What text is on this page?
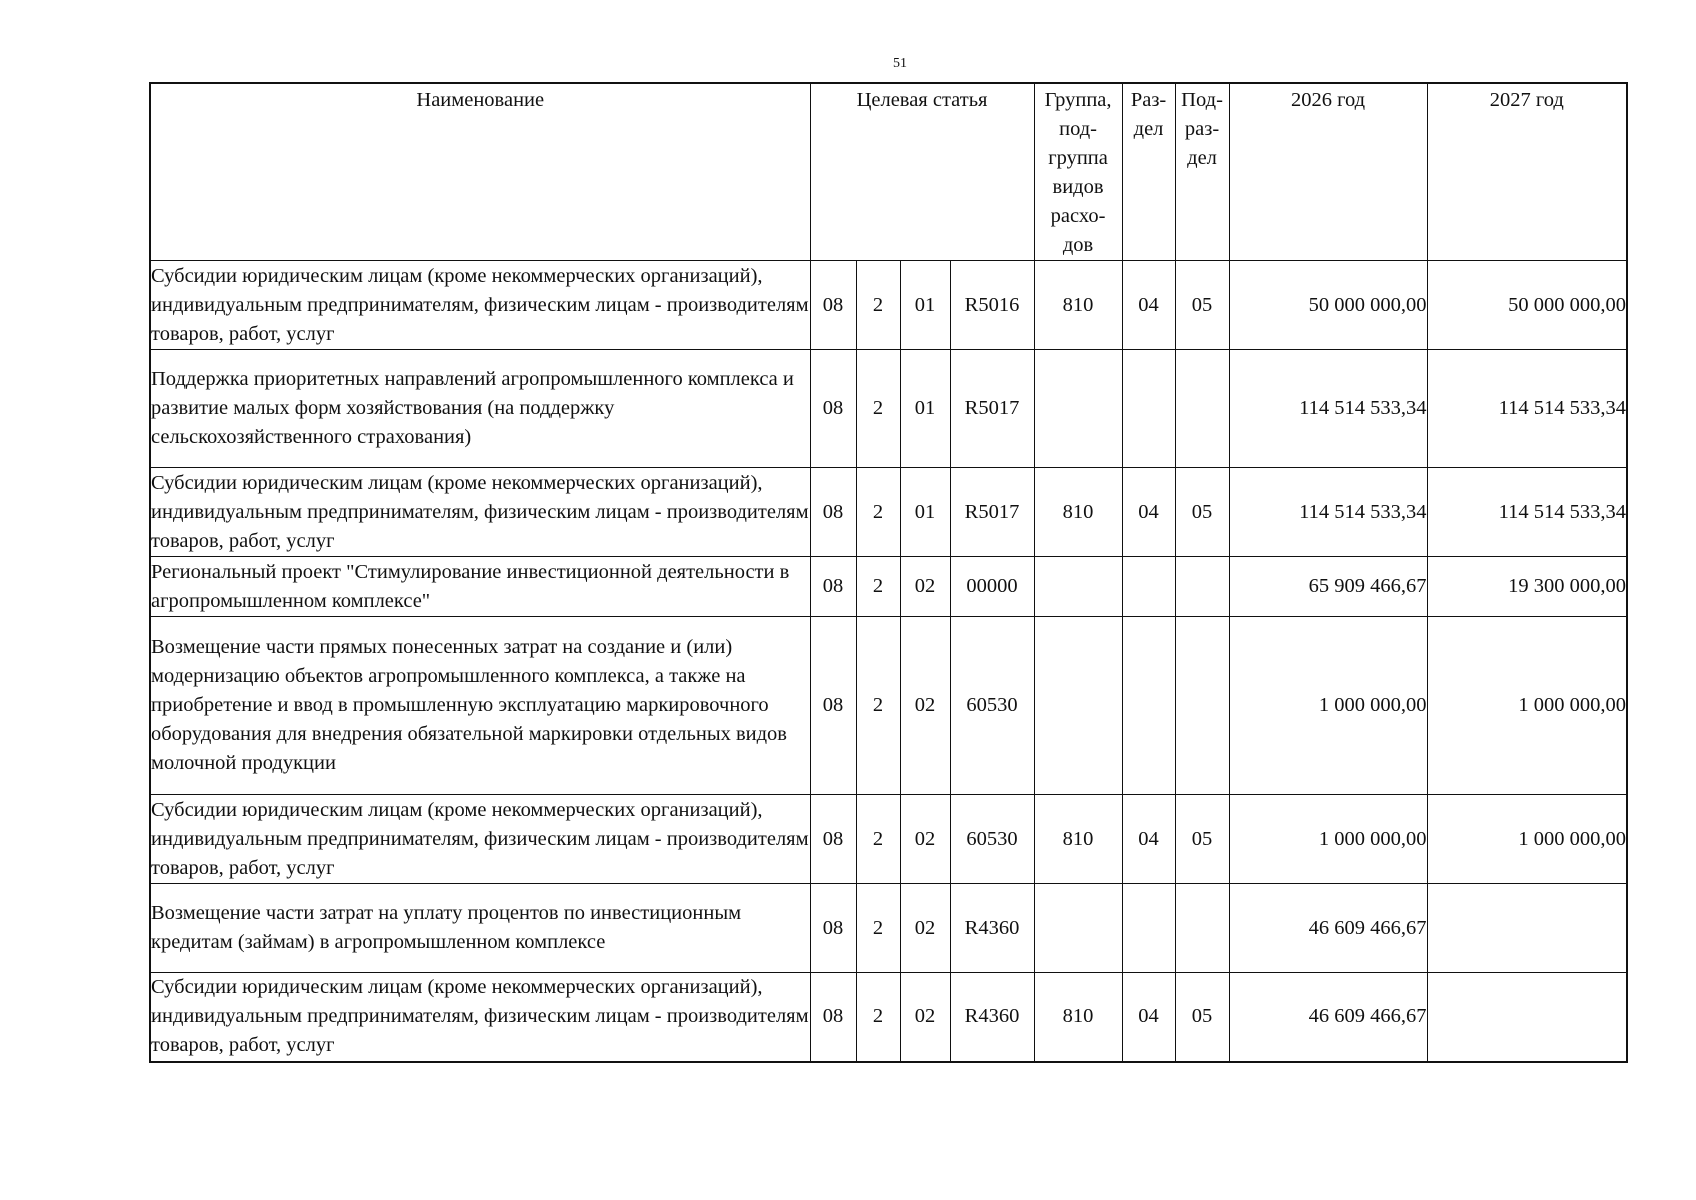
51
Наименование	Целевая статья				Группа, под- группа видов расхо- дов	Раз- дел	Под- раз- дел	2026 год	2027 год
Субсидии юридическим лицам (кроме некоммерческих организаций), индивидуальным предпринимателям, физическим лицам - производителям товаров, работ, услуг	08	2	01	R5016	810	04	05	50 000 000,00	50 000 000,00
Поддержка приоритетных направлений агропромышленного комплекса и развитие малых форм хозяйствования (на поддержку сельскохозяйственного страхования)	08	2	01	R5017				114 514 533,34	114 514 533,34
Субсидии юридическим лицам (кроме некоммерческих организаций), индивидуальным предпринимателям, физическим лицам - производителям товаров, работ, услуг	08	2	01	R5017	810	04	05	114 514 533,34	114 514 533,34
Региональный проект "Стимулирование инвестиционной деятельности в агропромышленном комплексе"	08	2	02	00000				65 909 466,67	19 300 000,00
Возмещение части прямых понесенных затрат на создание и (или) модернизацию объектов агропромышленного комплекса, а также на приобретение и ввод в промышленную эксплуатацию маркировочного оборудования для внедрения обязательной маркировки отдельных видов молочной продукции	08	2	02	60530				1 000 000,00	1 000 000,00
Субсидии юридическим лицам (кроме некоммерческих организаций), индивидуальным предпринимателям, физическим лицам - производителям товаров, работ, услуг	08	2	02	60530	810	04	05	1 000 000,00	1 000 000,00
Возмещение части затрат на уплату процентов по инвестиционным кредитам (займам) в агропромышленном комплексе	08	2	02	R4360				46 609 466,67	
Субсидии юридическим лицам (кроме некоммерческих организаций), индивидуальным предпринимателям, физическим лицам - производителям товаров, работ, услуг	08	2	02	R4360	810	04	05	46 609 466,67	
